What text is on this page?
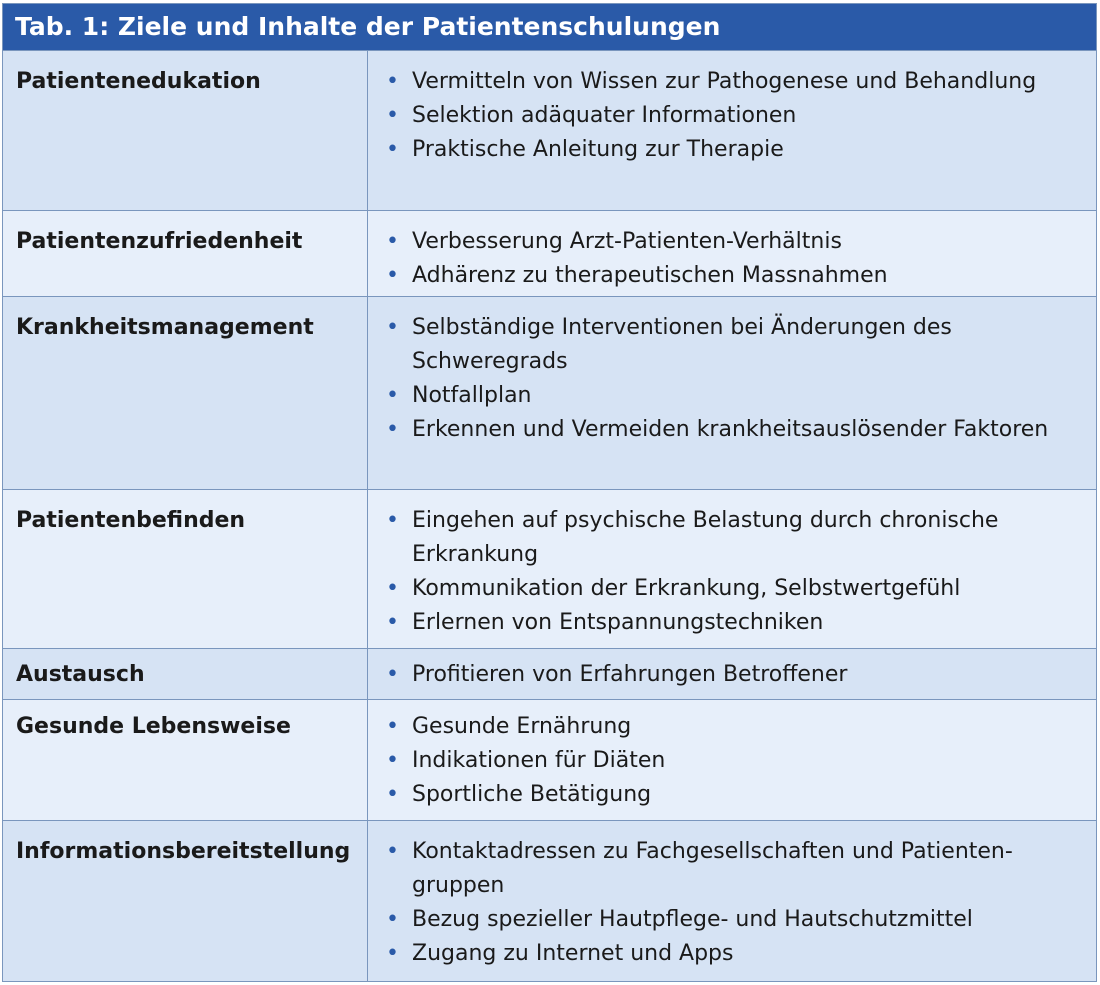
Tab. 1: Ziele und Inhalte der Patientenschulungen
Patientenedukation	• Vermitteln von Wissen zur Pathogenese und Behandlung
• Selektion adäquater Informationen
• Praktische Anleitung zur Therapie
Patientenzufriedenheit	• Verbesserung Arzt-Patienten-Verhältnis
• Adhärenz zu therapeutischen Massnahmen
Krankheitsmanagement	• Selbständige Interventionen bei Änderungen des Schweregrads
• Notfallplan
• Erkennen und Vermeiden krankheitsauslösender Faktoren
Patientenbefinden	• Eingehen auf psychische Belastung durch chronische Erkrankung
• Kommunikation der Erkrankung, Selbstwertgefühl
• Erlernen von Entspannungstechniken
Austausch	• Profitieren von Erfahrungen Betroffener
Gesunde Lebensweise	• Gesunde Ernährung
• Indikationen für Diäten
• Sportliche Betätigung
Informationsbereitstellung	• Kontaktadressen zu Fachgesellschaften und Patienten-gruppen
• Bezug spezieller Hautpflege- und Hautschutzmittel
• Zugang zu Internet und Apps
